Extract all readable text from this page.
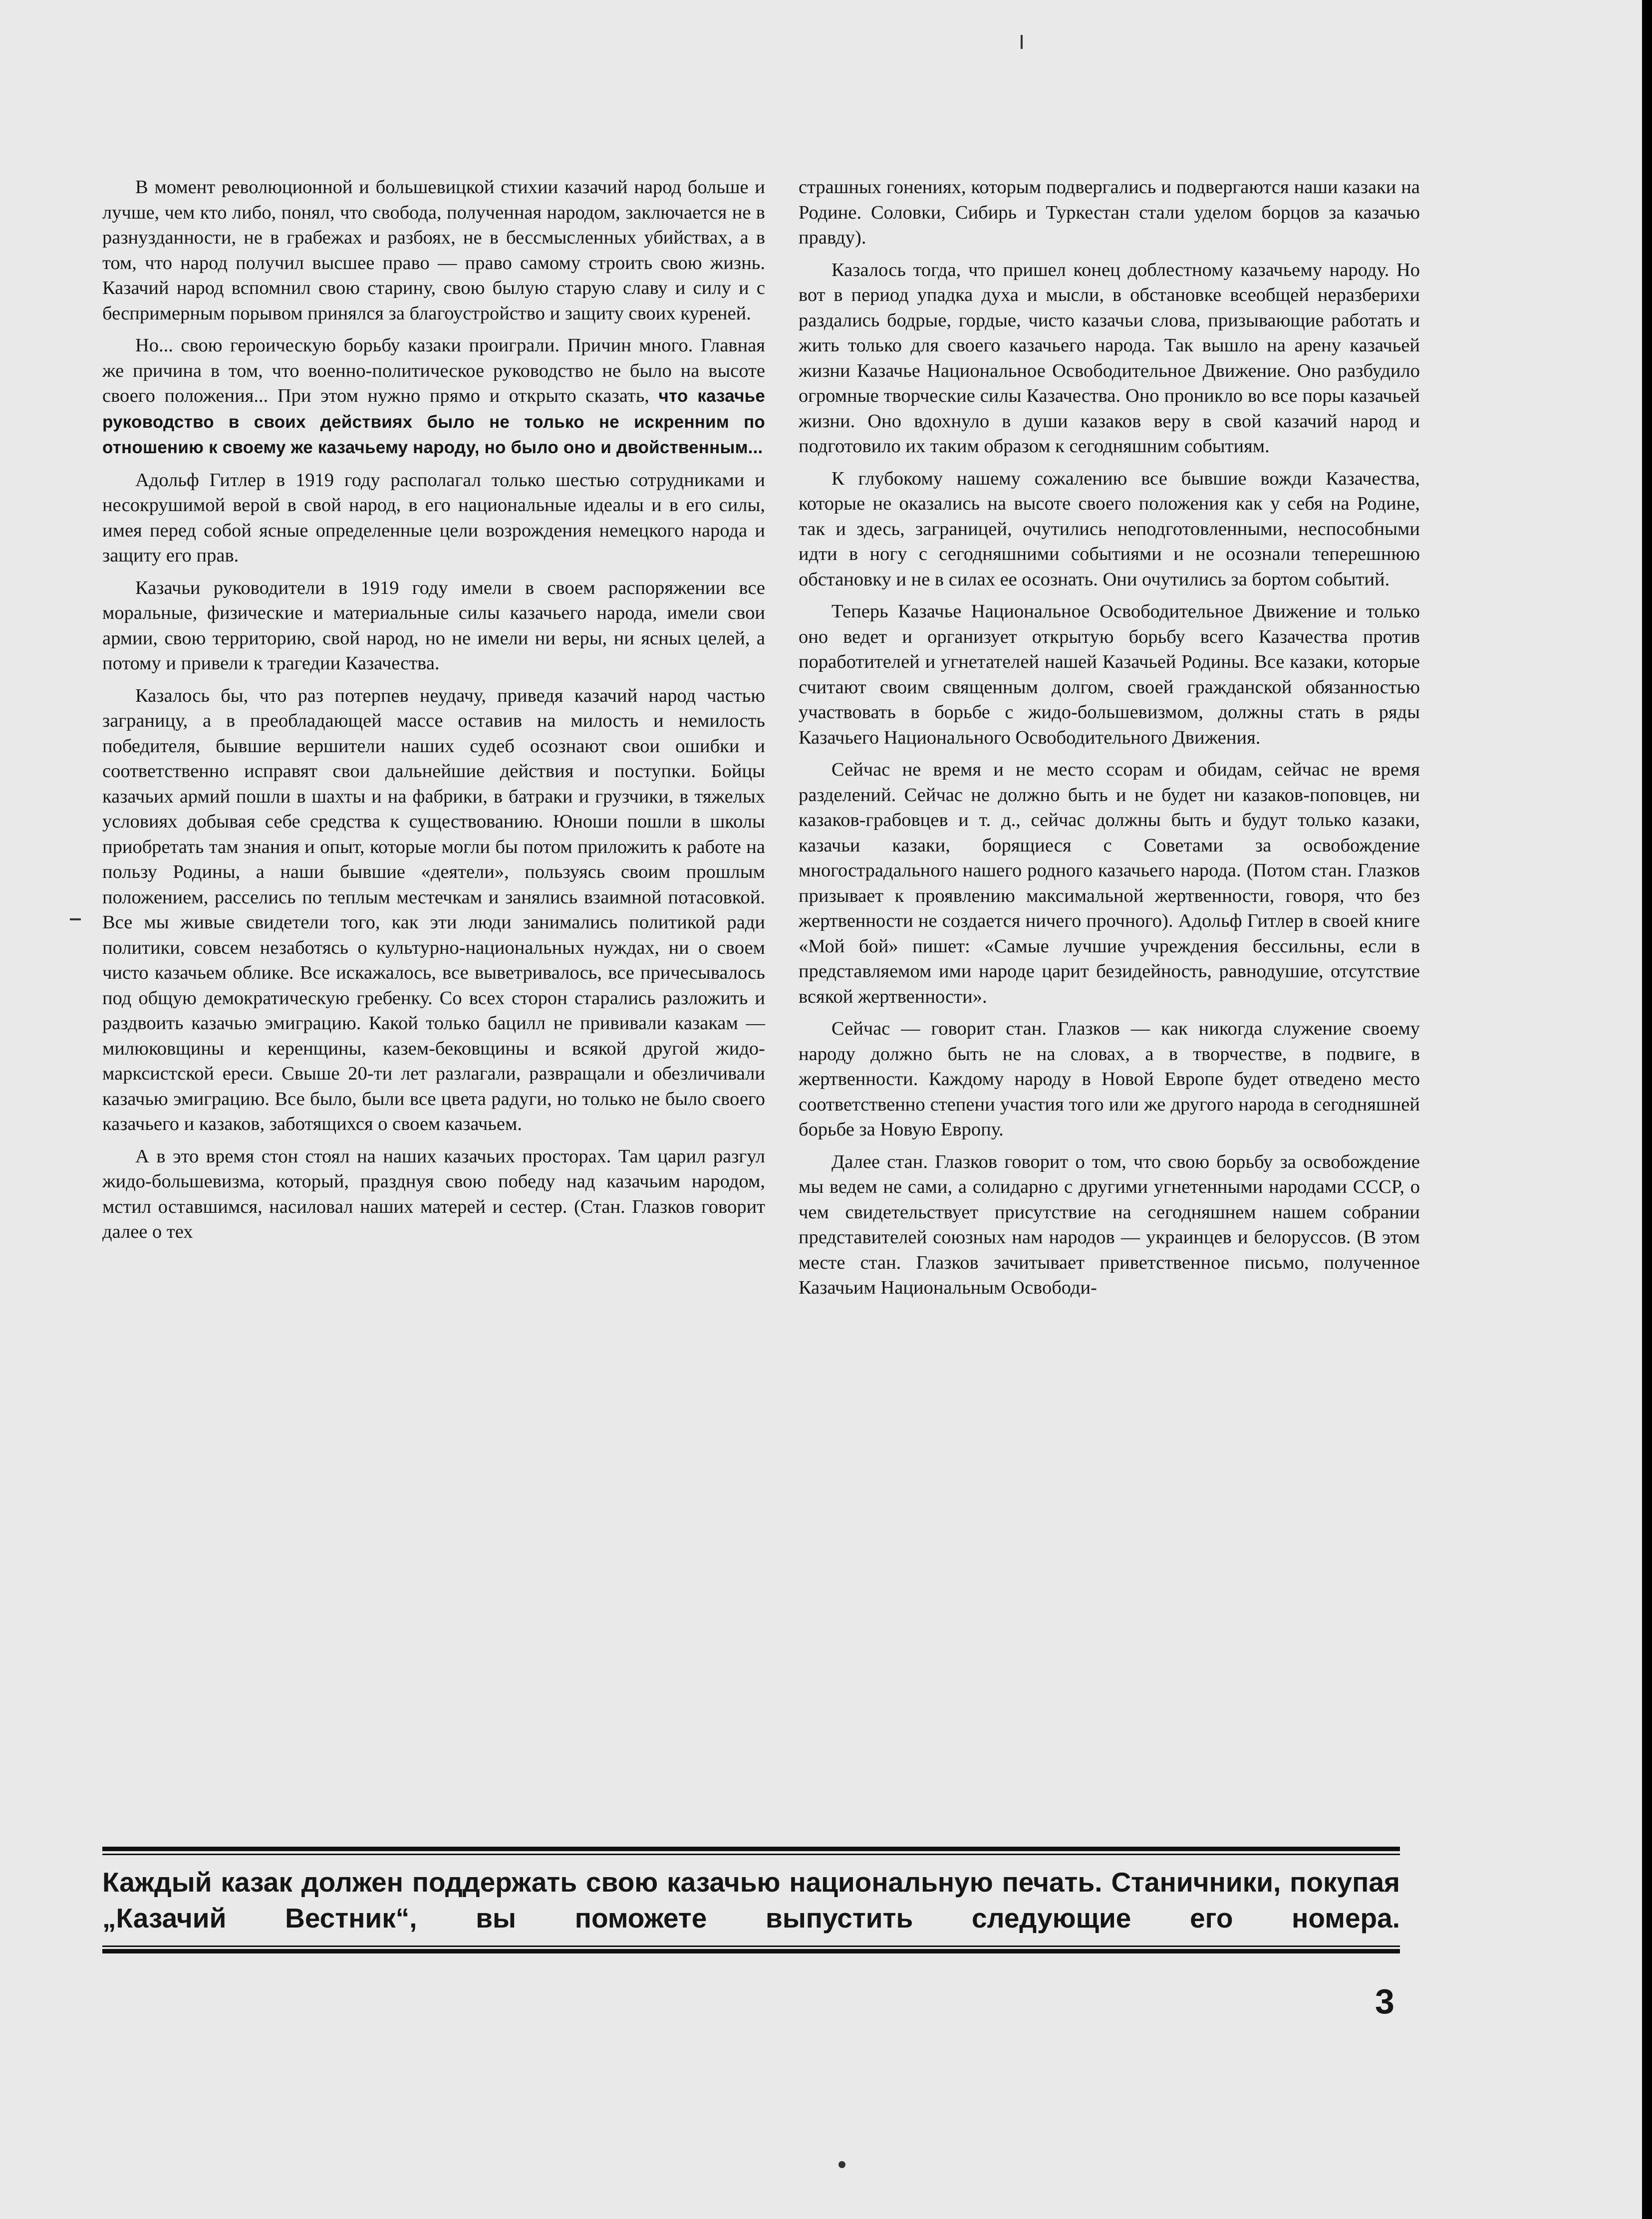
В момент революционной и большевицкой стихии казачий народ больше и лучше, чем кто либо, понял, что свобода, полученная народом, заключается не в разнузданности, не в грабежах и разбоях, не в бессмысленных убийствах, а в том, что народ получил высшее право — право самому строить свою жизнь. Казачий народ вспомнил свою старину, свою былую старую славу и силу и с беспримерным порывом принялся за благоустройство и защиту своих куреней.

Но... свою героическую борьбу казаки проиграли. Причин много. Главная же причина в том, что военно-политическое руководство не было на высоте своего положения... При этом нужно прямо и открыто сказать, что казачье руководство в своих действиях было не только не искренним по отношению к своему же казачьему народу, но было оно и двойственным...

Адольф Гитлер в 1919 году располагал только шестью сотрудниками и несокрушимой верой в свой народ, в его национальные идеалы и в его силы, имея перед собой ясные определенные цели возрождения немецкого народа и защиту его прав.

Казачьи руководители в 1919 году имели в своем распоряжении все моральные, физические и материальные силы казачьего народа, имели свои армии, свою территорию, свой народ, но не имели ни веры, ни ясных целей, а потому и привели к трагедии Казачества.

Казалось бы, что раз потерпев неудачу, приведя казачий народ частью заграницу, а в преобладающей массе оставив на милость и немилость победителя, бывшие вершители наших судеб осознают свои ошибки и соответственно исправят свои дальнейшие действия и поступки. Бойцы казачьих армий пошли в шахты и на фабрики, в батраки и грузчики, в тяжелых условиях добывая себе средства к существованию. Юноши пошли в школы приобретать там знания и опыт, которые могли бы потом приложить к работе на пользу Родины, а наши бывшие «деятели», пользуясь своим прошлым положением, расселись по теплым местечкам и занялись взаимной потасовкой. Все мы живые свидетели того, как эти люди занимались политикой ради политики, совсем незаботясь о культурно-национальных нуждах, ни о своем чисто казачьем облике. Все искажалось, все выветривалось, все причесывалось под общую демократическую гребенку. Со всех сторон старались разложить и раздвоить казачью эмиграцию. Какой только бацилл не прививали казакам — милюковщины и керенщины, казем-бековщины и всякой другой жидо-марксистской ереси. Свыше 20-ти лет разлагали, развращали и обезличивали казачью эмиграцию. Все было, были все цвета радуги, но только не было своего казачьего и казаков, заботящихся о своем казачьем.

А в это время стон стоял на наших казачьих просторах. Там царил разгул жидо-большевизма, который, празднуя свою победу над казачьим народом, мстил оставшимся, насиловал наших матерей и сестер. (Стан. Глазков говорит далее о тех

страшных гонениях, которым подвергались и подвергаются наши казаки на Родине. Соловки, Сибирь и Туркестан стали уделом борцов за казачью правду).

Казалось тогда, что пришел конец доблестному казачьему народу. Но вот в период упадка духа и мысли, в обстановке всеобщей неразберихи раздались бодрые, гордые, чисто казачьи слова, призывающие работать и жить только для своего казачьего народа. Так вышло на арену казачьей жизни Казачье Национальное Освободительное Движение. Оно разбудило огромные творческие силы Казачества. Оно проникло во все поры казачьей жизни. Оно вдохнуло в души казаков веру в свой казачий народ и подготовило их таким образом к сегодняшним событиям.

К глубокому нашему сожалению все бывшие вожди Казачества, которые не оказались на высоте своего положения как у себя на Родине, так и здесь, заграницей, очутились неподготовленными, неспособными идти в ногу с сегодняшними событиями и не осознали теперешнюю обстановку и не в силах ее осознать. Они очутились за бортом событий.

Теперь Казачье Национальное Освободительное Движение и только оно ведет и организует открытую борьбу всего Казачества против поработителей и угнетателей нашей Казачьей Родины. Все казаки, которые считают своим священным долгом, своей гражданской обязанностью участвовать в борьбе с жидо-большевизмом, должны стать в ряды Казачьего Национального Освободительного Движения.

Сейчас не время и не место ссорам и обидам, сейчас не время разделений. Сейчас не должно быть и не будет ни казаков-поповцев, ни казаков-грабовцев и т. д., сейчас должны быть и будут только казаки, казачьи казаки, борящиеся с Советами за освобождение многострадального нашего родного казачьего народа. (Потом стан. Глазков призывает к проявлению максимальной жертвенности, говоря, что без жертвенности не создается ничего прочного). Адольф Гитлер в своей книге «Мой бой» пишет: «Самые лучшие учреждения бессильны, если в представляемом ими народе царит безидейность, равнодушие, отсутствие всякой жертвенности».

Сейчас — говорит стан. Глазков — как никогда служение своему народу должно быть не на словах, а в творчестве, в подвиге, в жертвенности. Каждому народу в Новой Европе будет отведено место соответственно степени участия того или же другого народа в сегодняшней борьбе за Новую Европу.

Далее стан. Глазков говорит о том, что свою борьбу за освобождение мы ведем не сами, а солидарно с другими угнетенными народами СССР, о чем свидетельствует присутствие на сегодняшнем нашем собрании представителей союзных нам народов — украинцев и белоруссов. (В этом месте стан. Глазков зачитывает приветственное письмо, полученное Казачьим Национальным Освободи-

Каждый казак должен поддержать свою казачью национальную печать. Станичники, покупая „Казачий Вестник“, вы поможете выпустить следующие его номера.
3
